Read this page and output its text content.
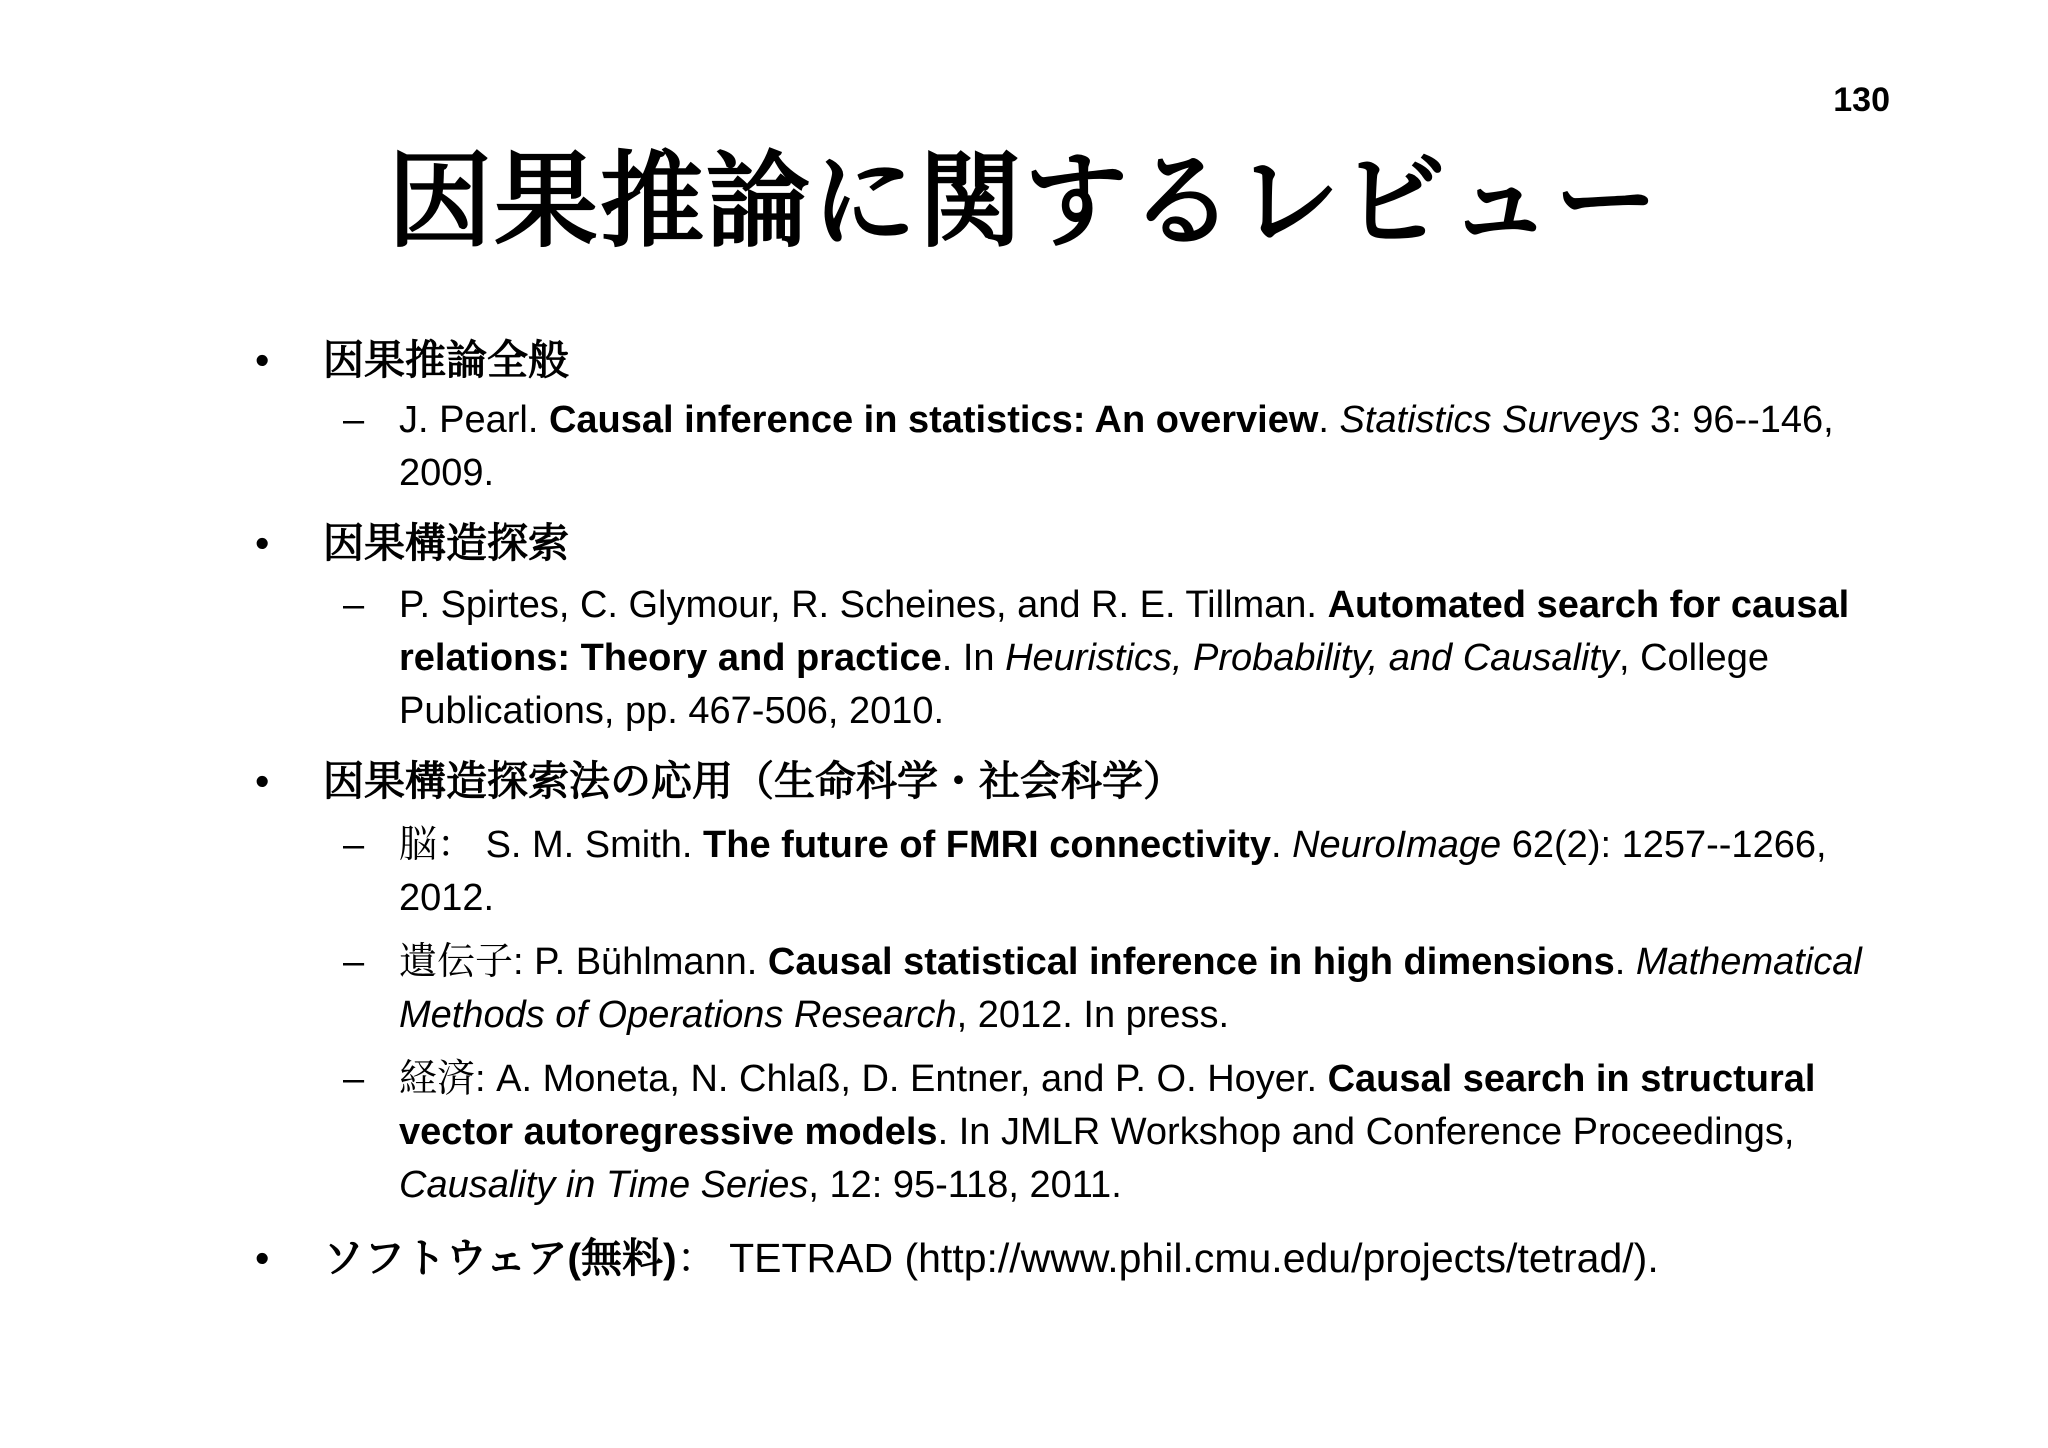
130
因果推論に関するレビュー
• 因果推論全般
– J. Pearl. Causal inference in statistics: An overview. Statistics Surveys 3: 96--146, 2009.
• 因果構造探索
– P. Spirtes, C. Glymour, R. Scheines, and R. E. Tillman. Automated search for causal relations: Theory and practice. In Heuristics, Probability, and Causality, College Publications, pp. 467-506, 2010.
• 因果構造探索法の応用（生命科学・社会科学）
– 脳： S. M. Smith. The future of FMRI connectivity. NeuroImage 62(2): 1257--1266, 2012.
– 遺伝子: P. Bühlmann. Causal statistical inference in high dimensions. Mathematical Methods of Operations Research, 2012. In press.
– 経済: A. Moneta, N. Chlaß, D. Entner, and P. O. Hoyer. Causal search in structural vector autoregressive models. In JMLR Workshop and Conference Proceedings, Causality in Time Series, 12: 95-118, 2011.
• ソフトウェア(無料)： TETRAD (http://www.phil.cmu.edu/projects/tetrad/).
